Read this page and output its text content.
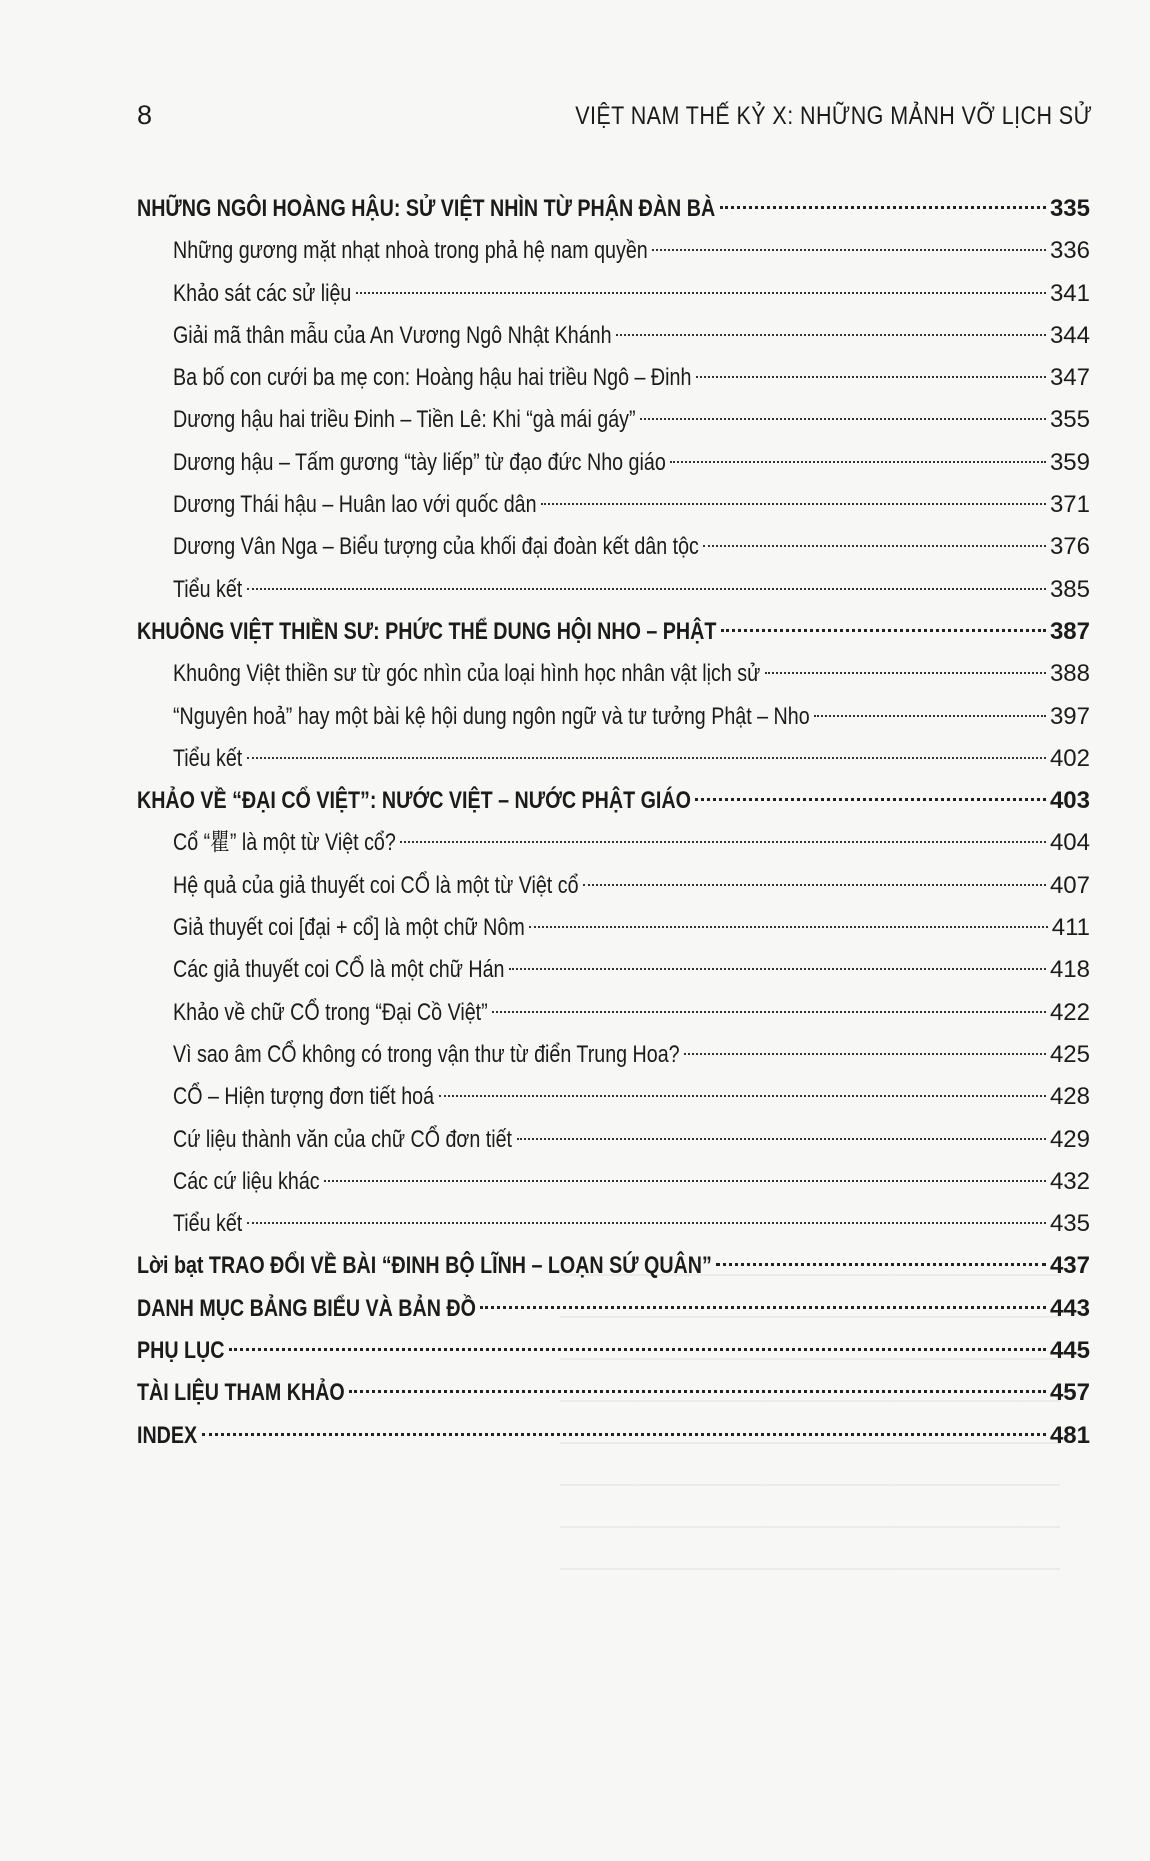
8	VIỆT NAM THẾ KỶ X: NHỮNG MẢNH VỠ LỊCH SỬ
NHỮNG NGÔI HOÀNG HẬU: SỬ VIỆT NHÌN TỪ PHẬN ĐÀN BÀ	335
Những gương mặt nhạt nhoà trong phả hệ nam quyền	336
Khảo sát các sử liệu	341
Giải mã thân mẫu của An Vương Ngô Nhật Khánh	344
Ba bố con cưới ba mẹ con: Hoàng hậu hai triều Ngô – Đinh	347
Dương hậu hai triều Đinh – Tiền Lê: Khi “gà mái gáy”	355
Dương hậu – Tấm gương “tày liếp” từ đạo đức Nho giáo	359
Dương Thái hậu – Huân lao với quốc dân	371
Dương Vân Nga – Biểu tượng của khối đại đoàn kết dân tộc	376
Tiểu kết	385
KHUÔNG VIỆT THIỀN SƯ: PHỨC THỂ DUNG HỘI NHO – PHẬT	387
Khuông Việt thiền sư từ góc nhìn của loại hình học nhân vật lịch sử	388
“Nguyên hoả” hay một bài kệ hội dung ngôn ngữ và tư tưởng Phật – Nho	397
Tiểu kết	402
KHẢO VỀ “ĐẠI CỔ VIỆT”: NƯỚC VIỆT – NƯỚC PHẬT GIÁO	403
Cổ “瞿” là một từ Việt cổ?	404
Hệ quả của giả thuyết coi CỔ là một từ Việt cổ	407
Giả thuyết coi [đại + cổ] là một chữ Nôm	411
Các giả thuyết coi CỔ là một chữ Hán	418
Khảo về chữ CỔ trong “Đại Cồ Việt”	422
Vì sao âm CỔ không có trong vận thư từ điển Trung Hoa?	425
CỔ – Hiện tượng đơn tiết hoá	428
Cứ liệu thành văn của chữ CỔ đơn tiết	429
Các cứ liệu khác	432
Tiểu kết	435
Lời bạt TRAO ĐỔI VỀ BÀI “ĐINH BỘ LĨNH – LOẠN SỨ QUÂN”	437
DANH MỤC BẢNG BIỂU VÀ BẢN ĐỒ	443
PHỤ LỤC	445
TÀI LIỆU THAM KHẢO	457
INDEX	481
